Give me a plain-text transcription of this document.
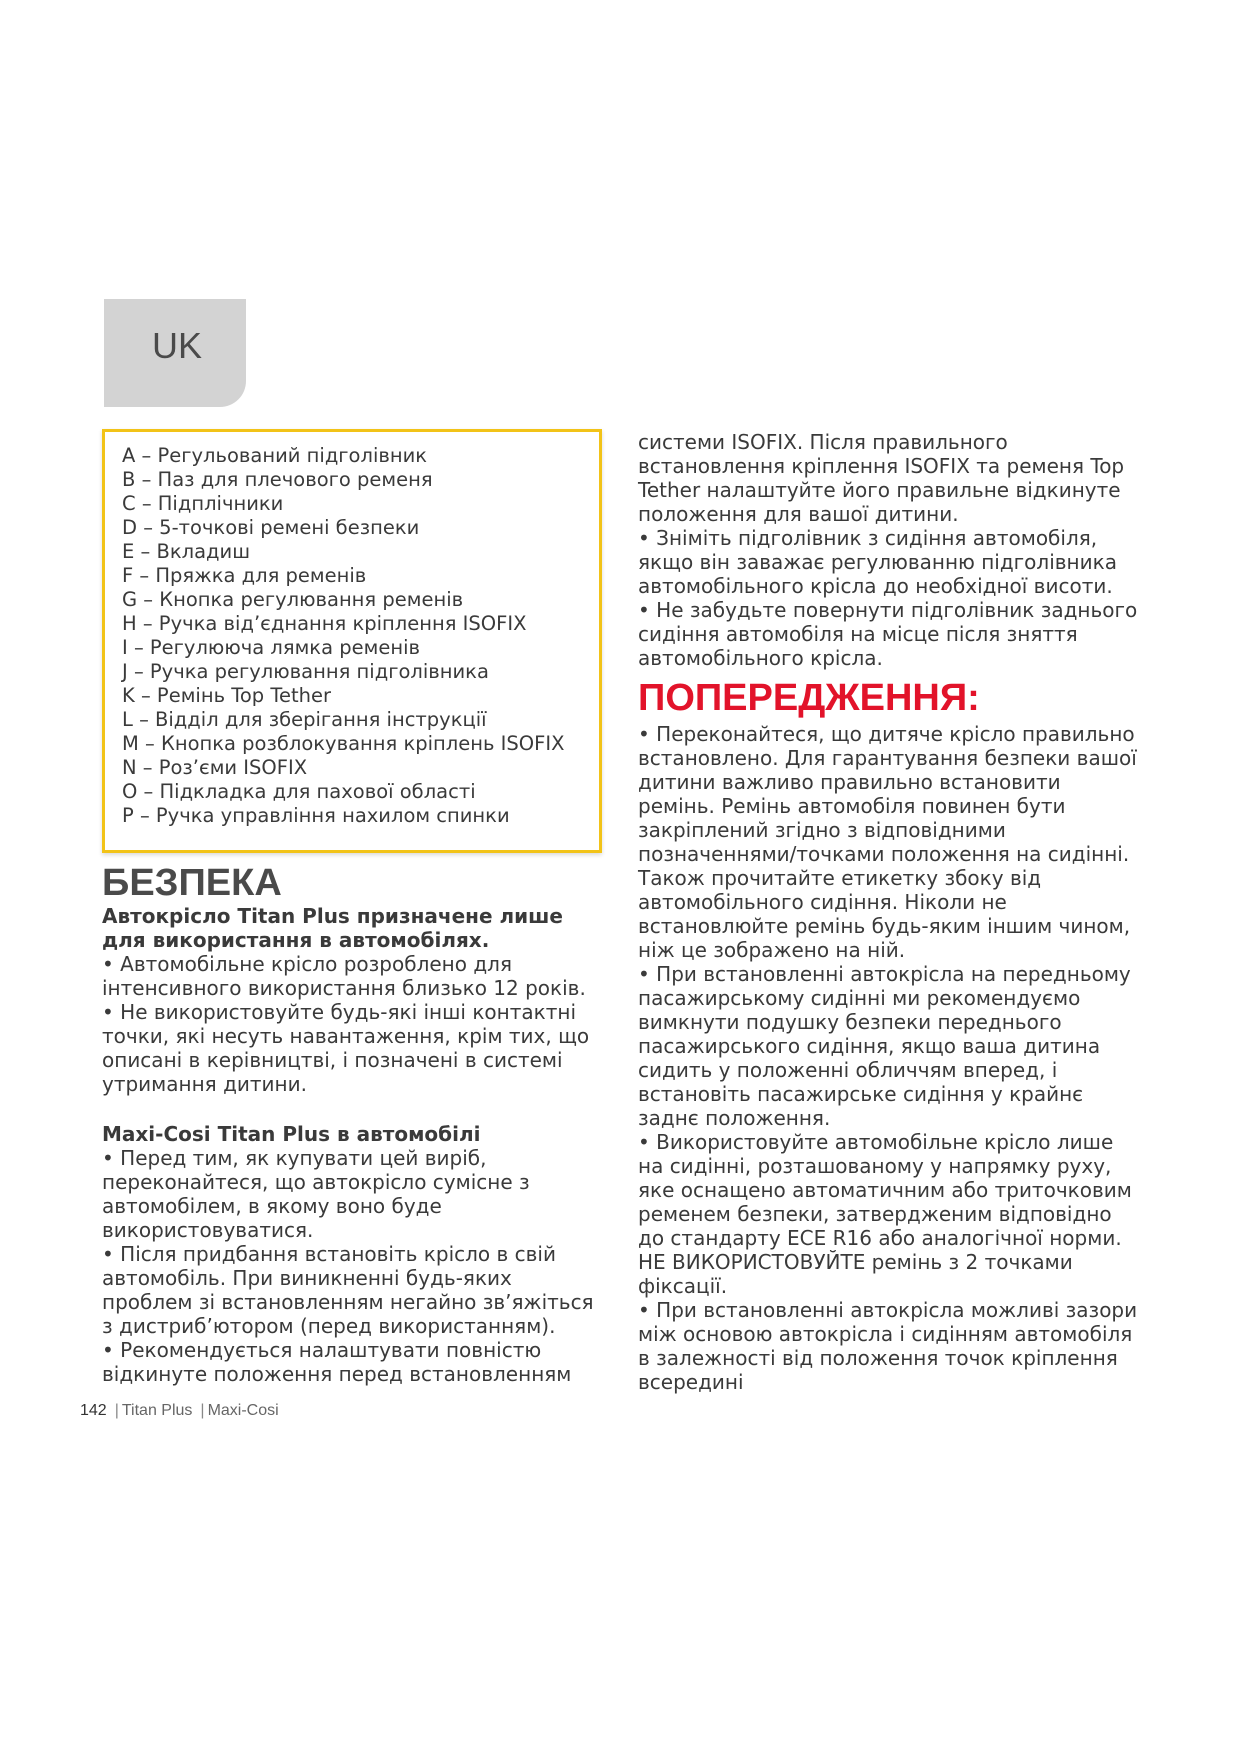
UK
A – Регульований підголівник
B – Паз для плечового ременя
C – Підплічники
D – 5-точкові ремені безпеки
E – Вкладиш
F – Пряжка для ременів
G – Кнопка регулювання ременів
H – Ручка від’єднання кріплення ISOFIX
I – Регулююча лямка ременів
J – Ручка регулювання підголівника
K – Ремінь Top Tether
L – Відділ для зберігання інструкції
M – Кнопка розблокування кріплень ISOFIX
N – Роз’єми ISOFIX
O – Підкладка для пахової області
P – Ручка управління нахилом спинки
БЕЗПЕКА

Автокрісло Titan Plus призначене лише для використання в автомобілях.

• Автомобільне крісло розроблено для інтенсивного використання близько 12 років.

• Не використовуйте будь-які інші контактні точки, які несуть навантаження, крім тих, що описані в керівництві, і позначені в системі утримання дитини.

Maxi-Cosi Titan Plus в автомобілі

• Перед тим, як купувати цей виріб, переконайтеся, що автокрісло сумісне з автомобілем, в якому воно буде використовуватися.

• Після придбання встановіть крісло в свій автомобіль. При виникненні будь-яких проблем зі встановленням негайно зв’яжіться з дистриб’ютором (перед використанням).

• Рекомендується налаштувати повністю відкинуте положення перед встановленням

системи ISOFIX. Після правильного встановлення кріплення ISOFIX та ременя Top Tether налаштуйте його правильне відкинуте положення для вашої дитини.

• Зніміть підголівник з сидіння автомобіля, якщо він заважає регулюванню підголівника автомобільного крісла до необхідної висоти.

• Не забудьте повернути підголівник заднього сидіння автомобіля на місце після зняття автомобільного крісла.

ПОПЕРЕДЖЕННЯ:

• Переконайтеся, що дитяче крісло правильно встановлено. Для гарантування безпеки вашої дитини важливо правильно встановити ремінь. Ремінь автомобіля повинен бути закріплений згідно з відповідними позначеннями/точками положення на сидінні.

Також прочитайте етикетку збоку від автомобільного сидіння. Ніколи не встановлюйте ремінь будь-яким іншим чином, ніж це зображено на ній.

• При встановленні автокрісла на передньому пасажирському сидінні ми рекомендуємо вимкнути подушку безпеки переднього пасажирського сидіння, якщо ваша дитина сидить у положенні обличчям вперед, і встановіть пасажирське сидіння у крайнє заднє положення.

• Використовуйте автомобільне крісло лише на сидінні, розташованому у напрямку руху, яке оснащено автоматичним або триточковим ременем безпеки, затвердженим відповідно до стандарту ECE R16 або аналогічної норми. НЕ ВИКОРИСТОВУЙТЕ ремінь з 2 точками фіксації.

• При встановленні автокрісла можливі зазори між основою автокрісла і сидінням автомобіля в залежності від положення точок кріплення всередині

142 | Titan Plus | Maxi-Cosi
